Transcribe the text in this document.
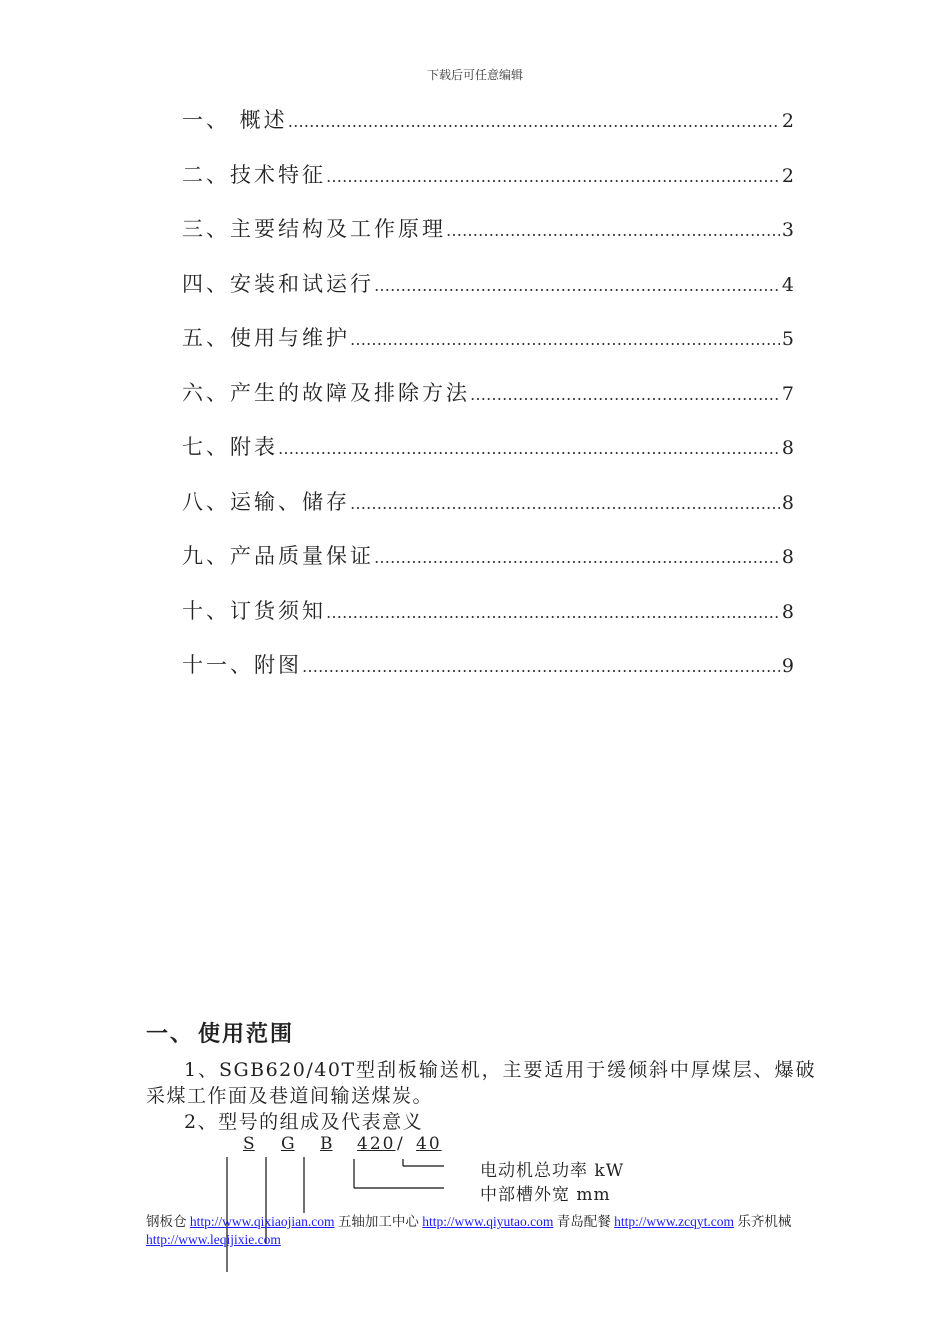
下载后可任意编辑
一、 概述 ………………………………………………………………………………………………………………………………………	2
二、技术特征 ………………………………………………………………………………………………………………………………………	2
三、主要结构及工作原理 ………………………………………………………………………………………………………………………………………	3
四、安装和试运行 ………………………………………………………………………………………………………………………………………	4
五、使用与维护 ………………………………………………………………………………………………………………………………………	5
六、产生的故障及排除方法 ………………………………………………………………………………………………………………………………………	7
七、附表 ………………………………………………………………………………………………………………………………………	8
八、运输、储存 ………………………………………………………………………………………………………………………………………	8
九、产品质量保证 ………………………………………………………………………………………………………………………………………	8
十、订货须知 ………………………………………………………………………………………………………………………………………	8
十一、附图 ………………………………………………………………………………………………………………………………………	9
一、 使用范围
1、SGB620/40T型刮板输送机，主要适用于缓倾斜中厚煤层、爆破采煤工作面及巷道间输送煤炭。
2、型号的组成及代表意义
S G B 420 / 40
电动机总功率 kW
中部槽外宽 mm
钢板仓 http://www.qixiaojian.com 五轴加工中心 http://www.qiyutao.com 青岛配餐 http://www.zcqyt.com 乐齐机械 http://www.leqijixie.com
